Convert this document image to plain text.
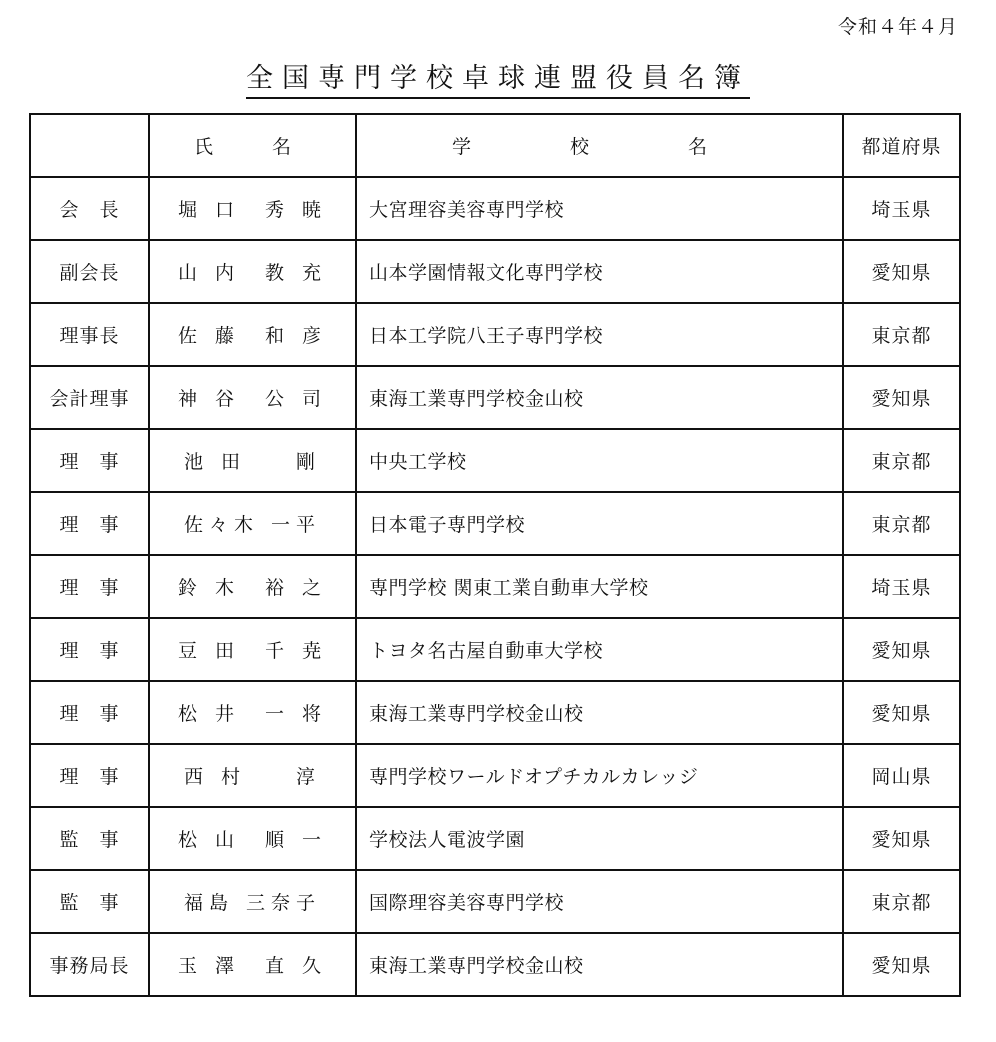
令和４年４月
全国専門学校卓球連盟役員名簿
	氏　名	学　校　名	都道府県
会　長	堀 口　秀 暁	大宮理容美容専門学校	埼玉県
副会長	山 内　教 充	山本学園情報文化専門学校	愛知県
理事長	佐 藤　和 彦	日本工学院八王子専門学校	東京都
会計理事	神 谷　公 司	東海工業専門学校金山校	愛知県
理　事	池 田　　剛	中央工学校	東京都
理　事	佐々木 一平	日本電子専門学校	東京都
理　事	鈴 木　裕 之	専門学校 関東工業自動車大学校	埼玉県
理　事	豆 田　千 尭	トヨタ名古屋自動車大学校	愛知県
理　事	松 井　一 将	東海工業専門学校金山校	愛知県
理　事	西 村　　淳	専門学校ワールドオプチカルカレッジ	岡山県
監　事	松 山　順 一	学校法人電波学園	愛知県
監　事	福島 三奈子	国際理容美容専門学校	東京都
事務局長	玉 澤　直 久	東海工業専門学校金山校	愛知県
